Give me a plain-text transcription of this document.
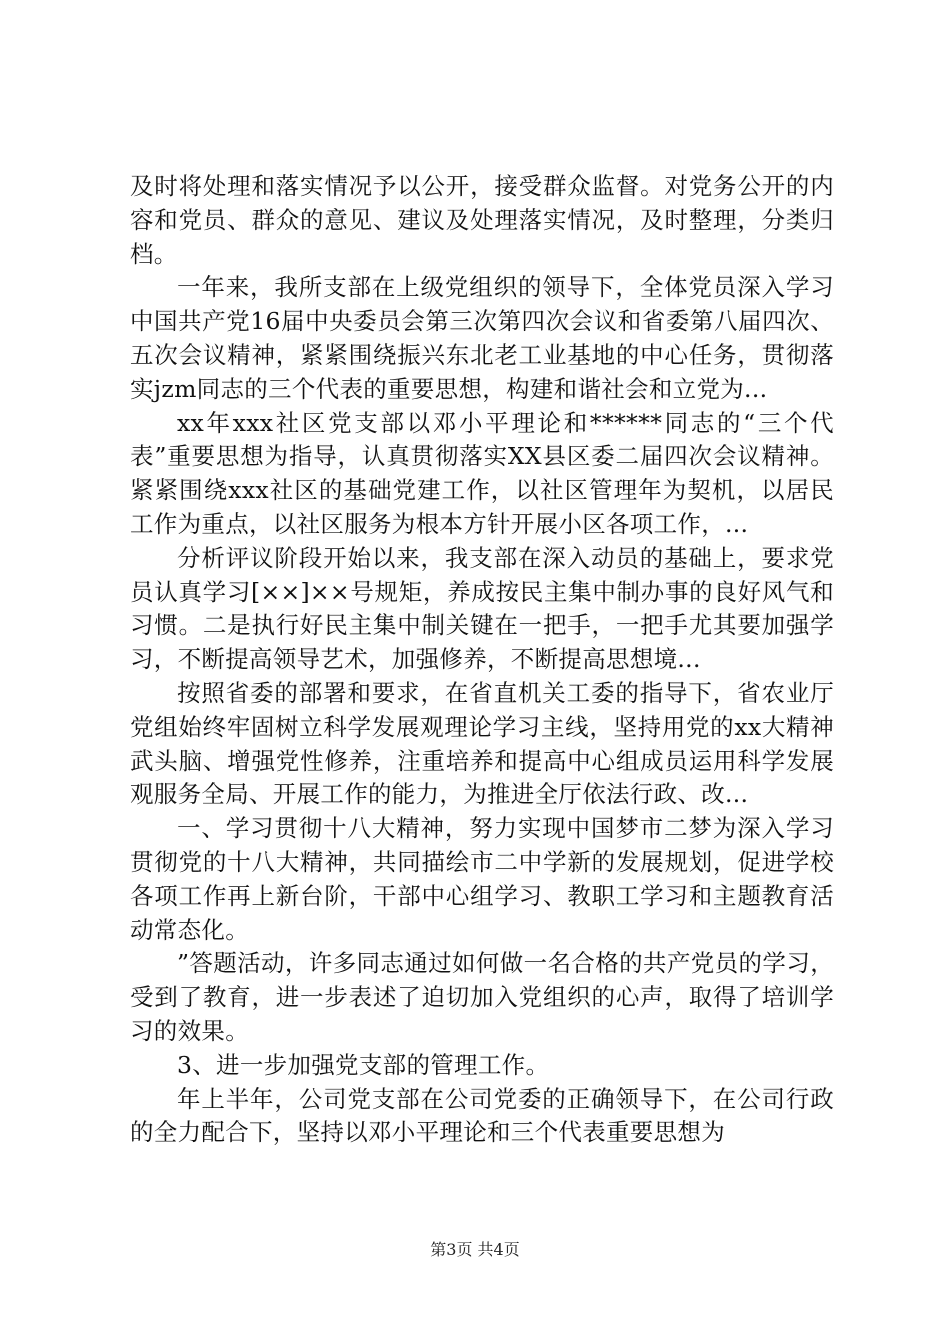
及时将处理和落实情况予以公开，接受群众监督。对党务公开的内容和党员、群众的意见、建议及处理落实情况，及时整理，分类归档。

一年来，我所支部在上级党组织的领导下，全体党员深入学习中国共产党16届中央委员会第三次第四次会议和省委第八届四次、五次会议精神，紧紧围绕振兴东北老工业基地的中心任务，贯彻落实jzm同志的三个代表的重要思想，构建和谐社会和立党为...

xx年xxx社区党支部以邓小平理论和******同志的“三个代表”重要思想为指导，认真贯彻落实XX县区委二届四次会议精神。紧紧围绕xxx社区的基础党建工作，以社区管理年为契机，以居民工作为重点，以社区服务为根本方针开展小区各项工作，...

分析评议阶段开始以来，我支部在深入动员的基础上，要求党员认真学习[××]××号规矩，养成按民主集中制办事的良好风气和习惯。二是执行好民主集中制关键在一把手，一把手尤其要加强学习，不断提高领导艺术，加强修养，不断提高思想境...

按照省委的部署和要求，在省直机关工委的指导下，省农业厅党组始终牢固树立科学发展观理论学习主线，坚持用党的xx大精神武头脑、增强党性修养，注重培养和提高中心组成员运用科学发展观服务全局、开展工作的能力，为推进全厅依法行政、改...

一、学习贯彻十八大精神，努力实现中国梦市二梦为深入学习贯彻党的十八大精神，共同描绘市二中学新的发展规划，促进学校各项工作再上新台阶，干部中心组学习、教职工学习和主题教育活动常态化。

”答题活动，许多同志通过如何做一名合格的共产党员的学习，受到了教育，进一步表述了迫切加入党组织的心声，取得了培训学习的效果。

3、进一步加强党支部的管理工作。

年上半年，公司党支部在公司党委的正确领导下，在公司行政的全力配合下，坚持以邓小平理论和三个代表重要思想为

第3页 共4页
